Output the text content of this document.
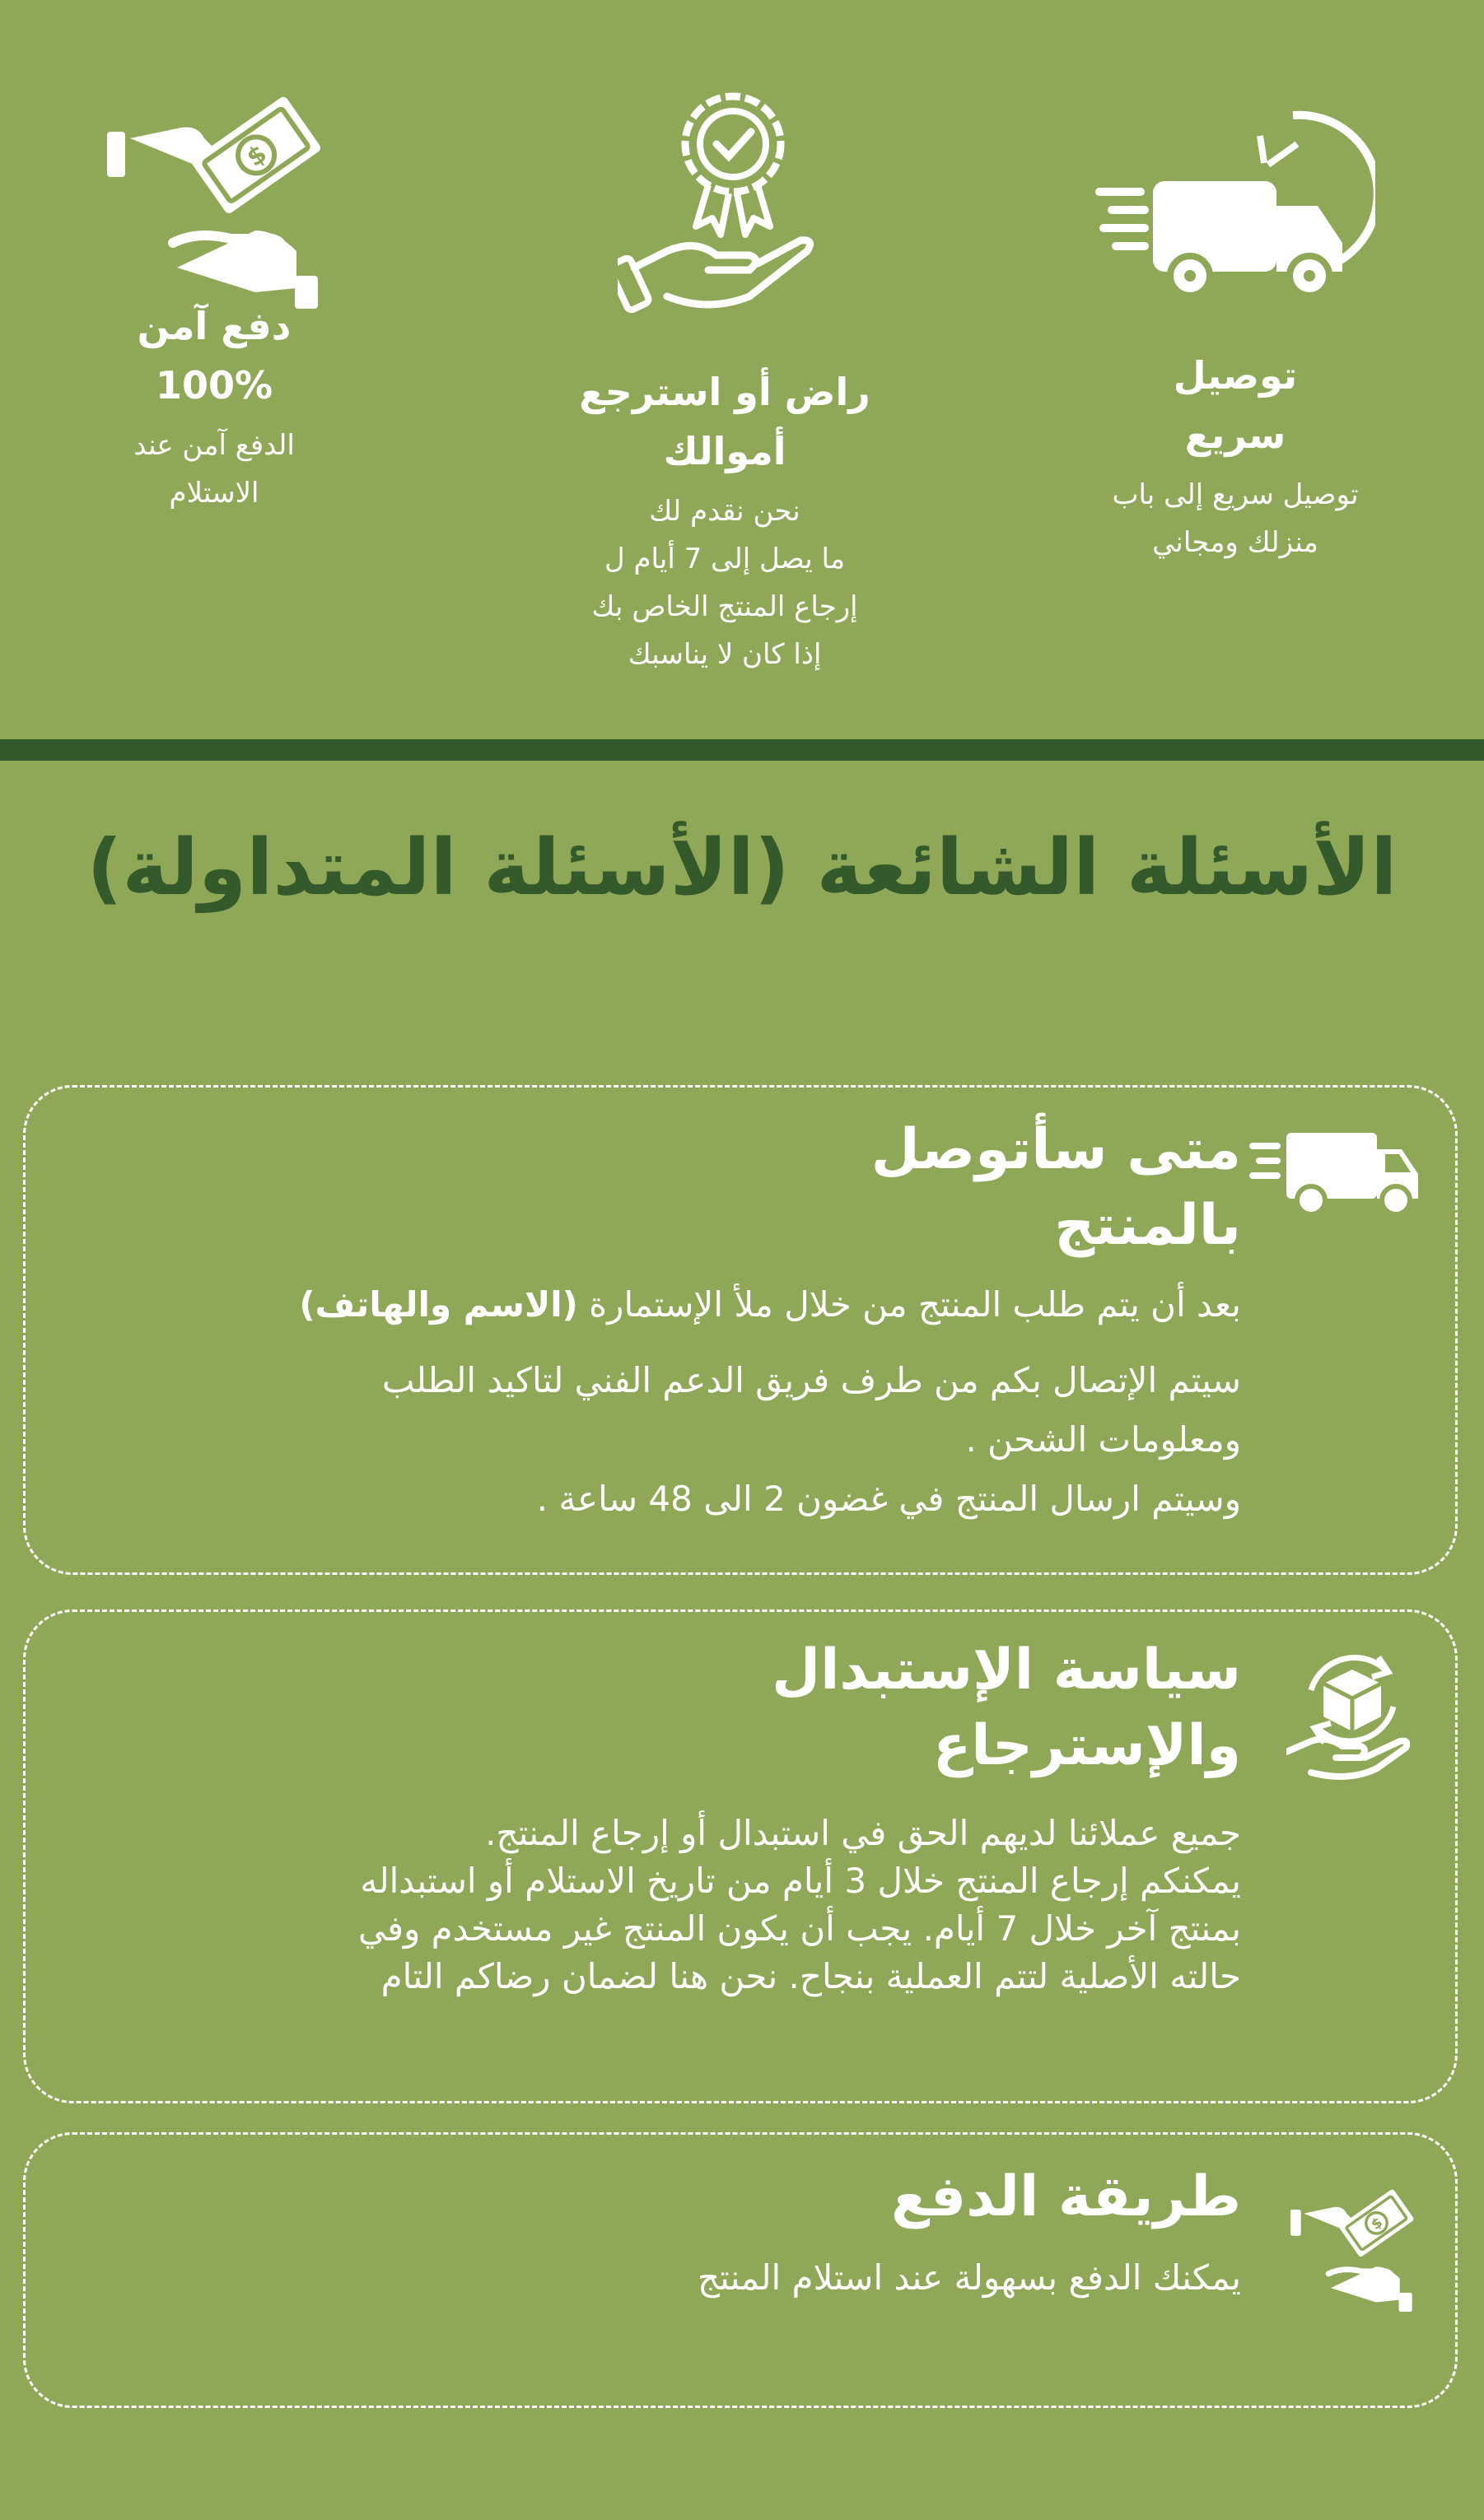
توصيل

سريع

توصيل سريع إلى باب
منزلك ومجاني

راض أو استرجع

أموالك

نحن نقدم لك
ما يصل إلى 7 أيام ل
إرجاع المنتج الخاص بك
إذا كان لا يناسبك
$

دفع آمن

100%

الدفع آمن عند
الاستلام
الأسئلة الشائعة (الأسئلة المتداولة)
متى سأتوصل
بالمنتج

بعد أن يتم طلب المنتج من خلال ملأ الإستمارة (الاسم والهاتف)

سيتم الإتصال بكم من طرف فريق الدعم الفني لتاكيد الطلب

ومعلومات الشحن .

وسيتم ارسال المنتج في غضون 2 الى 48 ساعة .

سياسة الإستبدال
والإسترجاع

جميع عملائنا لديهم الحق في استبدال أو إرجاع المنتج.

يمكنكم إرجاع المنتج خلال 3 أيام من تاريخ الاستلام أو استبداله

بمنتج آخر خلال 7 أيام. يجب أن يكون المنتج غير مستخدم وفي

حالته الأصلية لتتم العملية بنجاح. نحن هنا لضمان رضاكم التام

$
طريقة الدفع

يمكنك الدفع بسهولة عند استلام المنتج
